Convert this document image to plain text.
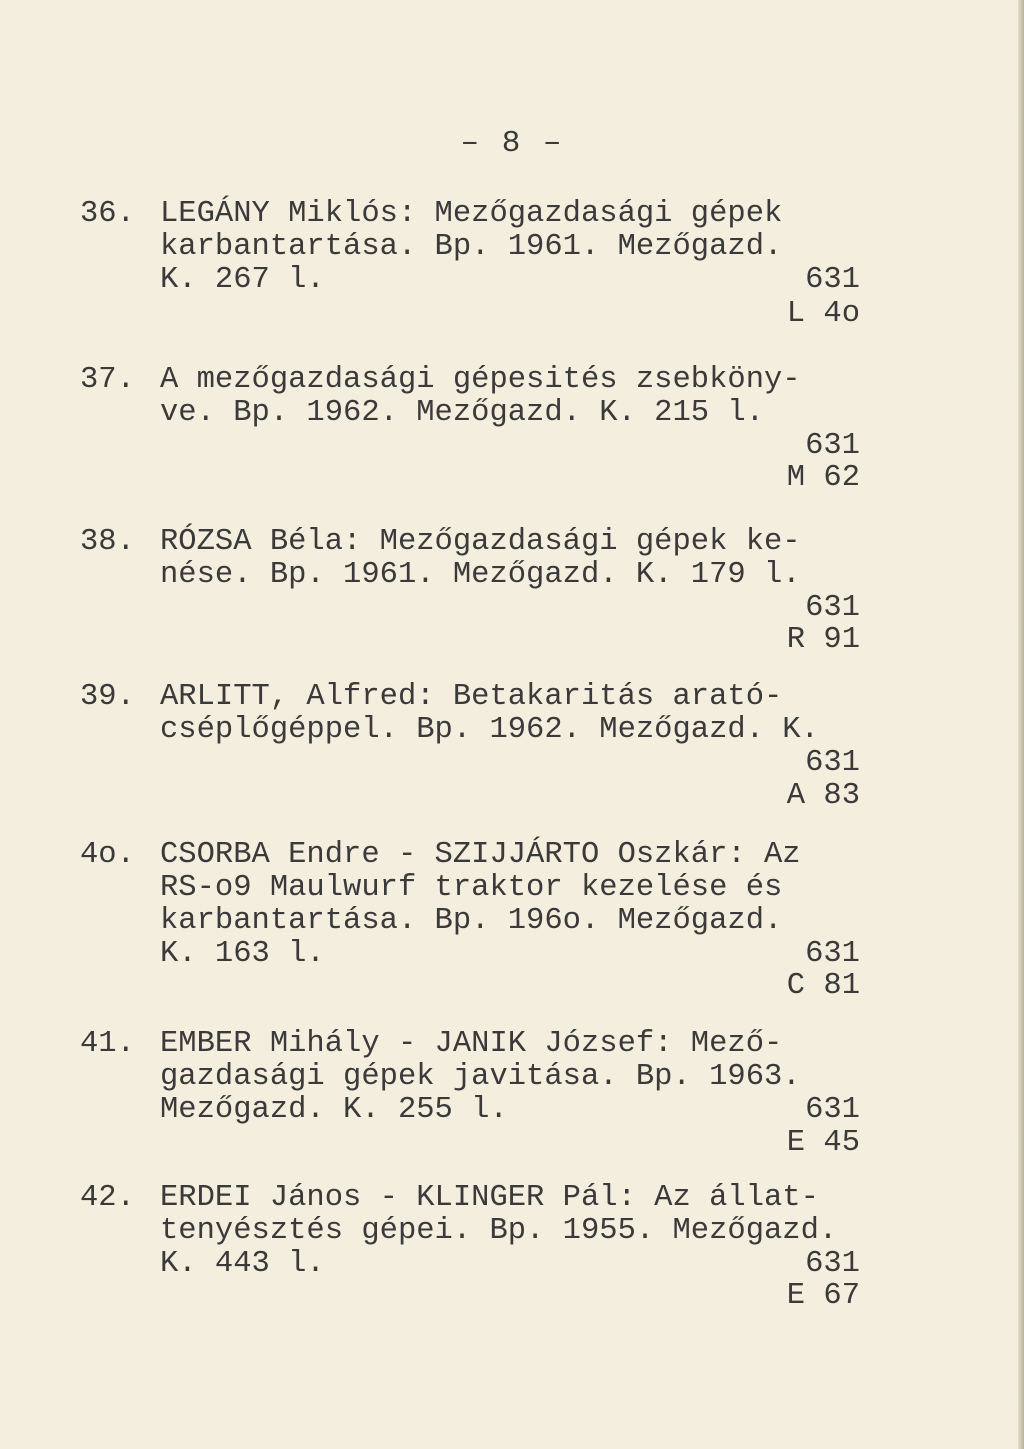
– 8 –
36. LEGÁNY Miklós: Mezőgazdasági gépek
karbantartása. Bp. 1961. Mezőgazd.
K. 267 l.	631
L 4o
37. A mezőgazdasági gépesités zsebköny-
ve. Bp. 1962. Mezőgazd. K. 215 l.
631
M 62
38. RÓZSA Béla: Mezőgazdasági gépek ke-
nése. Bp. 1961. Mezőgazd. K. 179 l.
631
R 91
39. ARLITT, Alfred: Betakaritás arató-
cséplőgéppel. Bp. 1962. Mezőgazd. K.
631
A 83
4o. CSORBA Endre - SZIJJÁRTO Oszkár: Az
RS-o9 Maulwurf traktor kezelése és
karbantartása. Bp. 196o. Mezőgazd.
K. 163 l.	631
C 81
41. EMBER Mihály - JANIK József: Mező-
gazdasági gépek javitása. Bp. 1963.
Mezőgazd. K. 255 l.	631
E 45
42. ERDEI János - KLINGER Pál: Az állat-
tenyésztés gépei. Bp. 1955. Mezőgazd.
K. 443 l.	631
E 67
